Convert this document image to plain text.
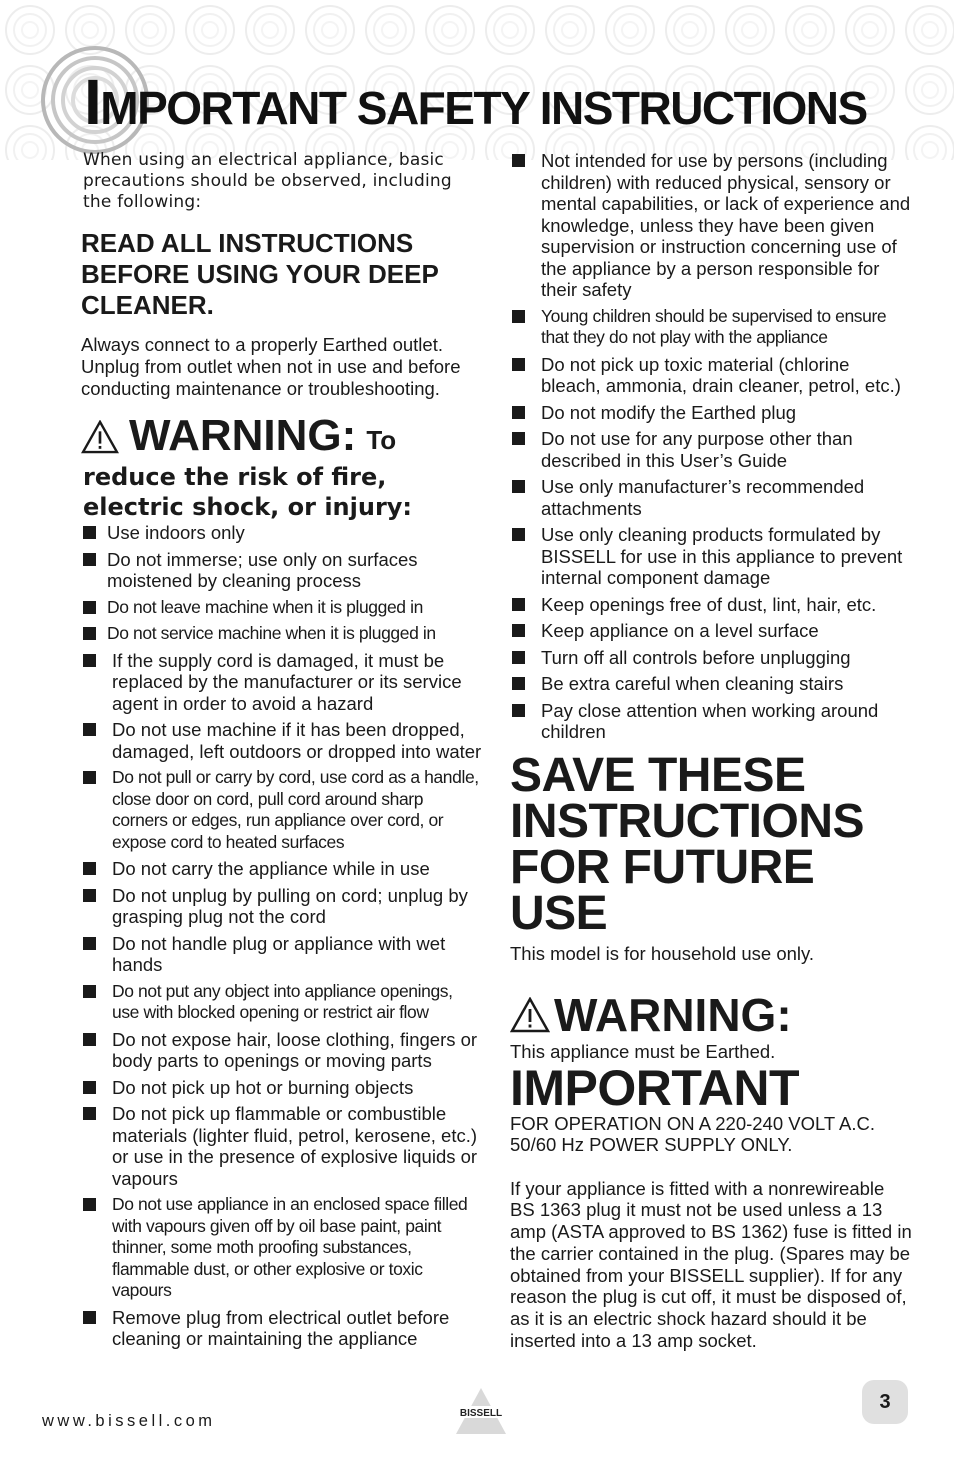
IMPORTANT SAFETY INSTRUCTIONS
When using an electrical appliance, basic precautions should be observed, including the following:
READ ALL INSTRUCTIONS BEFORE USING YOUR DEEP CLEANER.
Always connect to a properly Earthed outlet. Unplug from outlet when not in use and before conducting maintenance or troubleshooting.
WARNING: To
reduce the risk of fire, electric shock, or injury:
Use indoors only
Do not immerse; use only on surfaces moistened by cleaning process
Do not leave machine when it is plugged in
Do not service machine when it is plugged in
If the supply cord is damaged, it must be replaced by the manufacturer or its service agent in order to avoid a hazard
Do not use machine if it has been dropped, damaged, left outdoors or dropped into water
Do not pull or carry by cord, use cord as a handle, close door on cord, pull cord around sharp corners or edges, run appliance over cord, or expose cord to heated surfaces
Do not carry the appliance while in use
Do not unplug by pulling on cord; unplug by grasping plug not the cord
Do not handle plug or appliance with wet hands
Do not put any object into appliance openings, use with blocked opening or restrict air flow
Do not expose hair, loose clothing, fingers or body parts to openings or moving parts
Do not pick up hot or burning objects
Do not pick up flammable or combustible materials (lighter fluid, petrol, kerosene, etc.) or use in the presence of explosive liquids or vapours
Do not use appliance in an enclosed space filled with vapours given off by oil base paint, paint thinner, some moth proofing substances, flammable dust, or other explosive or toxic vapours
Remove plug from electrical outlet before cleaning or maintaining the appliance
Not intended for use by persons (including children) with reduced physical, sensory or mental capabilities, or lack of experience and knowledge, unless they have been given supervision or instruction concerning use of the appliance by a person responsible for their safety
Young children should be supervised to ensure that they do not play with the appliance
Do not pick up toxic material (chlorine bleach, ammonia, drain cleaner, petrol, etc.)
Do not modify the Earthed plug
Do not use for any purpose other than described in this User’s Guide
Use only manufacturer’s recommended attachments
Use only cleaning products formulated by BISSELL for use in this appliance to prevent internal component damage
Keep openings free of dust, lint, hair, etc.
Keep appliance on a level surface
Turn off all controls before unplugging
Be extra careful when cleaning stairs
Pay close attention when working around children
SAVE THESE
INSTRUCTIONS
FOR FUTURE USE
This model is for household use only.
WARNING:
This appliance must be Earthed.
IMPORTANT
FOR OPERATION ON A 220-240 VOLT A.C. 50/60 Hz POWER SUPPLY ONLY.
If your appliance is fitted with a nonrewireable BS 1363 plug it must not be used unless a 13 amp (ASTA approved to BS 1362) fuse is fitted in the carrier contained in the plug. (Spares may be obtained from your BISSELL supplier). If for any reason the plug is cut off, it must be disposed of, as it is an electric shock hazard should it be inserted into a 13 amp socket.
www.bissell.com	BISSELL
3
